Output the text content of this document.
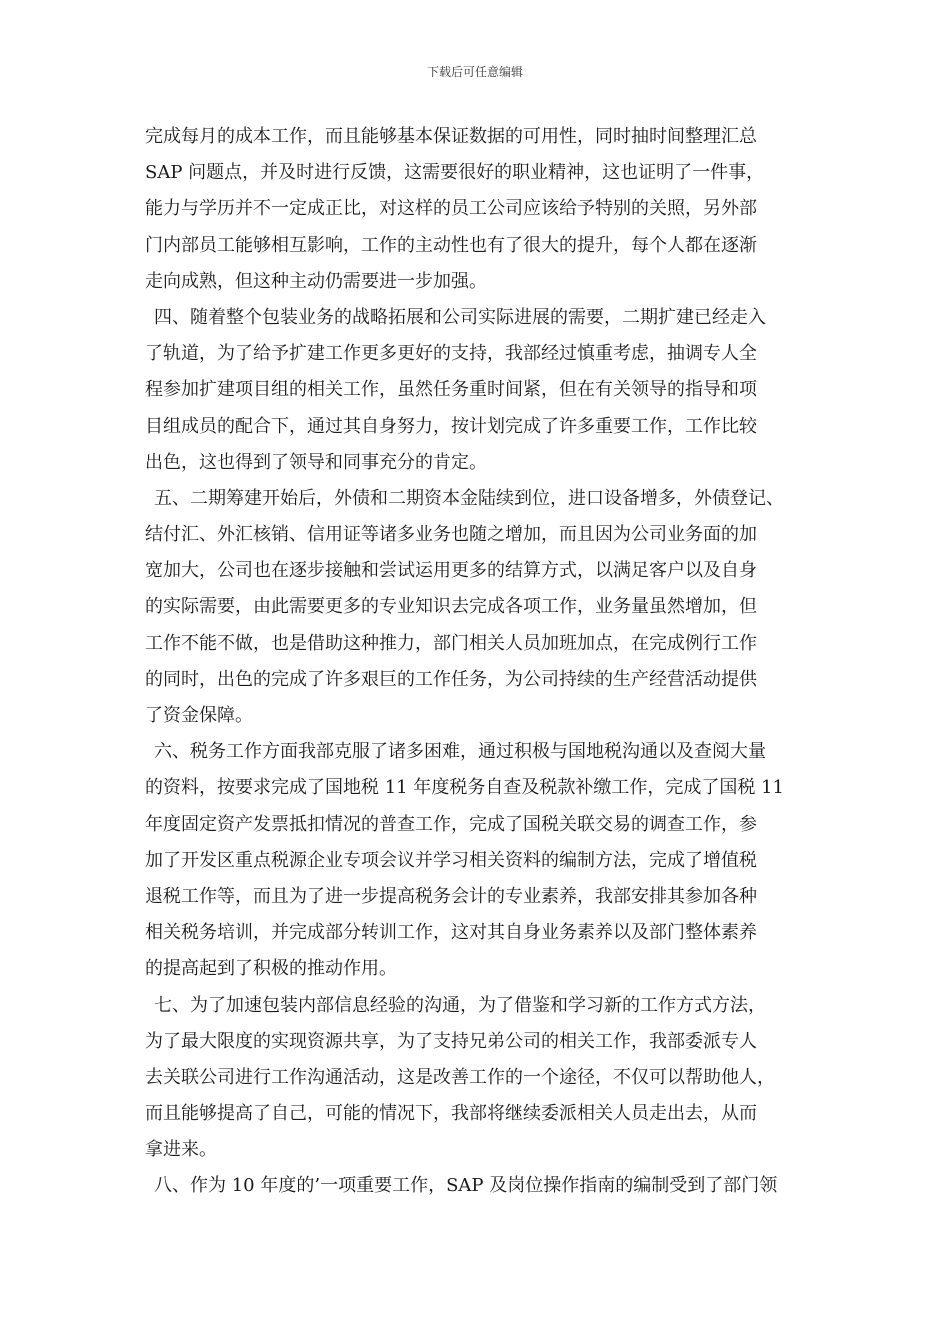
下载后可任意编辑
完成每月的成本工作，而且能够基本保证数据的可用性，同时抽时间整理汇总
SAP 问题点，并及时进行反馈，这需要很好的职业精神，这也证明了一件事，
能力与学历并不一定成正比，对这样的员工公司应该给予特别的关照，另外部
门内部员工能够相互影响，工作的主动性也有了很大的提升，每个人都在逐渐
走向成熟，但这种主动仍需要进一步加强。
四、随着整个包装业务的战略拓展和公司实际进展的需要，二期扩建已经走入
了轨道，为了给予扩建工作更多更好的支持，我部经过慎重考虑，抽调专人全
程参加扩建项目组的相关工作，虽然任务重时间紧，但在有关领导的指导和项
目组成员的配合下，通过其自身努力，按计划完成了许多重要工作，工作比较
出色，这也得到了领导和同事充分的肯定。
五、二期筹建开始后，外债和二期资本金陆续到位，进口设备增多，外债登记、
结付汇、外汇核销、信用证等诸多业务也随之增加，而且因为公司业务面的加
宽加大，公司也在逐步接触和尝试运用更多的结算方式，以满足客户以及自身
的实际需要，由此需要更多的专业知识去完成各项工作，业务量虽然增加，但
工作不能不做，也是借助这种推力，部门相关人员加班加点，在完成例行工作
的同时，出色的完成了许多艰巨的工作任务，为公司持续的生产经营活动提供
了资金保障。
六、税务工作方面我部克服了诸多困难，通过积极与国地税沟通以及查阅大量
的资料，按要求完成了国地税 11 年度税务自查及税款补缴工作，完成了国税 11
年度固定资产发票抵扣情况的普查工作，完成了国税关联交易的调查工作，参
加了开发区重点税源企业专项会议并学习相关资料的编制方法，完成了增值税
退税工作等，而且为了进一步提高税务会计的专业素养，我部安排其参加各种
相关税务培训，并完成部分转训工作，这对其自身业务素养以及部门整体素养
的提高起到了积极的推动作用。
七、为了加速包装内部信息经验的沟通，为了借鉴和学习新的工作方式方法，
为了最大限度的实现资源共享，为了支持兄弟公司的相关工作，我部委派专人
去关联公司进行工作沟通活动，这是改善工作的一个途径，不仅可以帮助他人，
而且能够提高了自己，可能的情况下，我部将继续委派相关人员走出去，从而
拿进来。
八、作为 10 年度的’一项重要工作，SAP 及岗位操作指南的编制受到了部门领
